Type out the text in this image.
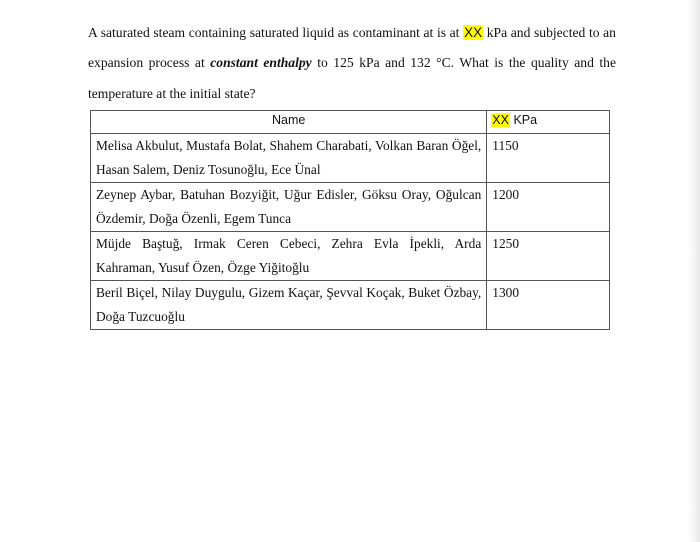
A saturated steam containing saturated liquid as contaminant at is at XX kPa and subjected to an expansion process at constant enthalpy to 125 kPa and 132 °C. What is the quality and the temperature at the initial state?

Name	XX KPa
Melisa Akbulut, Mustafa Bolat, Shahem Charabati, Volkan Baran Öğel, Hasan Salem, Deniz Tosunoğlu, Ece Ünal	1150
Zeynep Aybar, Batuhan Bozyiğit, Uğur Edisler, Göksu Oray, Oğulcan Özdemir, Doğa Özenli, Egem Tunca	1200
Müjde Baştuğ, Irmak Ceren Cebeci, Zehra Evla İpekli, Arda Kahraman, Yusuf Özen, Özge Yiğitoğlu	1250
Beril Biçel, Nilay Duygulu, Gizem Kaçar, Şevval Koçak, Buket Özbay, Doğa Tuzcuoğlu	1300
